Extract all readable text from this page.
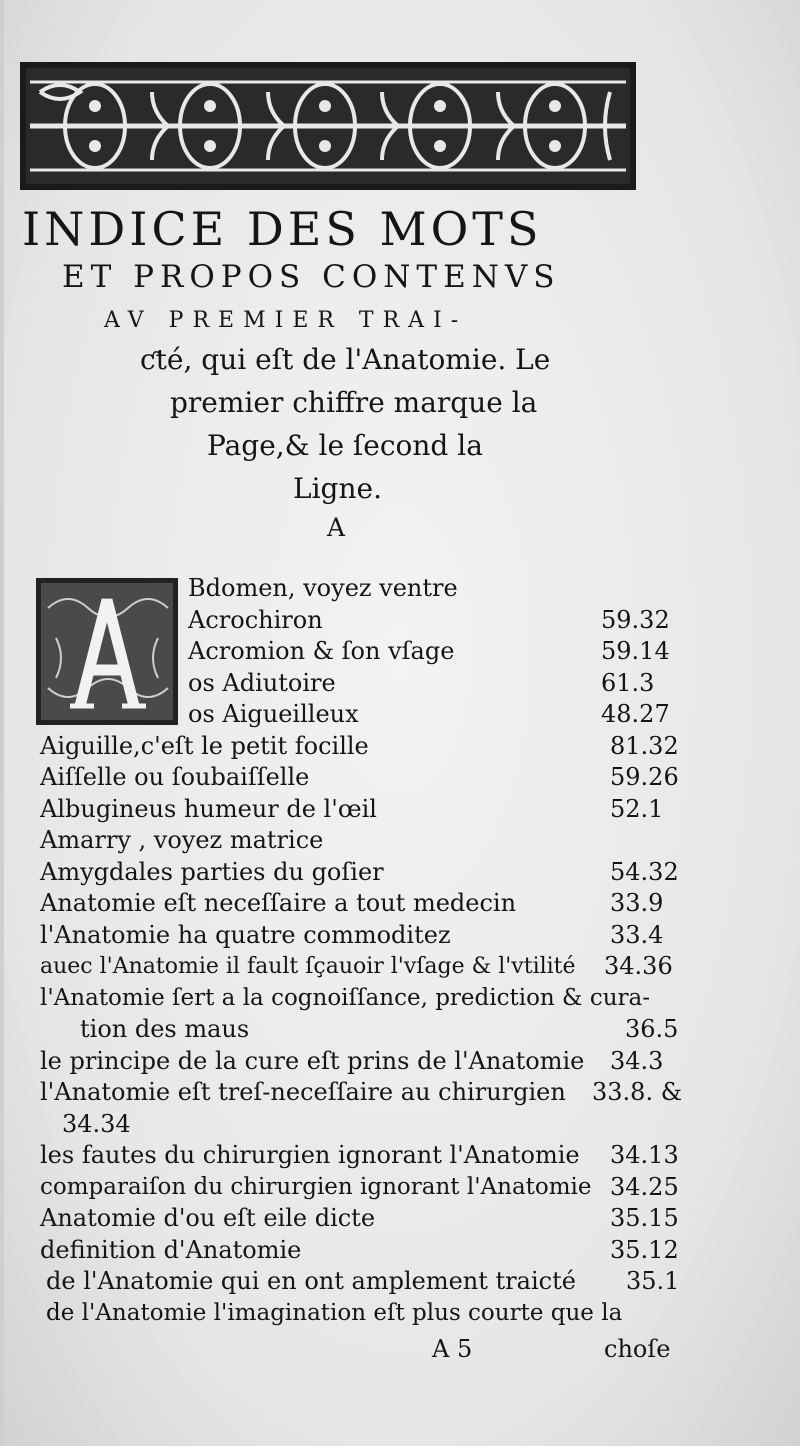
INDICE DES MOTS
ET PROPOS CONTENVS
AV PREMIER TRAI-
ƈté, qui eſt de l'Anatomie. Le
premier chiffre marque la
Page,& le ſecond la
Ligne.
A
Bdomen, voyez ventre
Acrochiron	59.32
Acromion & ſon vſage	59.14
os Adiutoire	61.3
os Aigueilleux	48.27
Aiguille,c'eſt le petit focille	81.32
Aiſſelle ou ſoubaiſſelle	59.26
Albugineus humeur de l'œil	52.1
Amarry , voyez matrice
Amygdales parties du goſier	54.32
Anatomie eſt neceſſaire a tout medecin	33.9
l'Anatomie ha quatre commoditez	33.4
auec l'Anatomie il fault ſçauoir l'vſage & l'vtilité 34.36
l'Anatomie ſert a la cognoiſſance, prediction & cura-
tion des maus	36.5
le principe de la cure eſt prins de l'Anatomie 34.3
l'Anatomie eſt treſ-neceſſaire au chirurgien 33.8. &
34.34
les fautes du chirurgien ignorant l'Anatomie 34.13
comparaiſon du chirurgien ignorant l'Anatomie 34.25
Anatomie d'ou eſt eile dicte	35.15
definition d'Anatomie	35.12
de l'Anatomie qui en ont amplement traicté 35.1
de l'Anatomie l'imagination eſt plus courte que la
A 5	choſe
